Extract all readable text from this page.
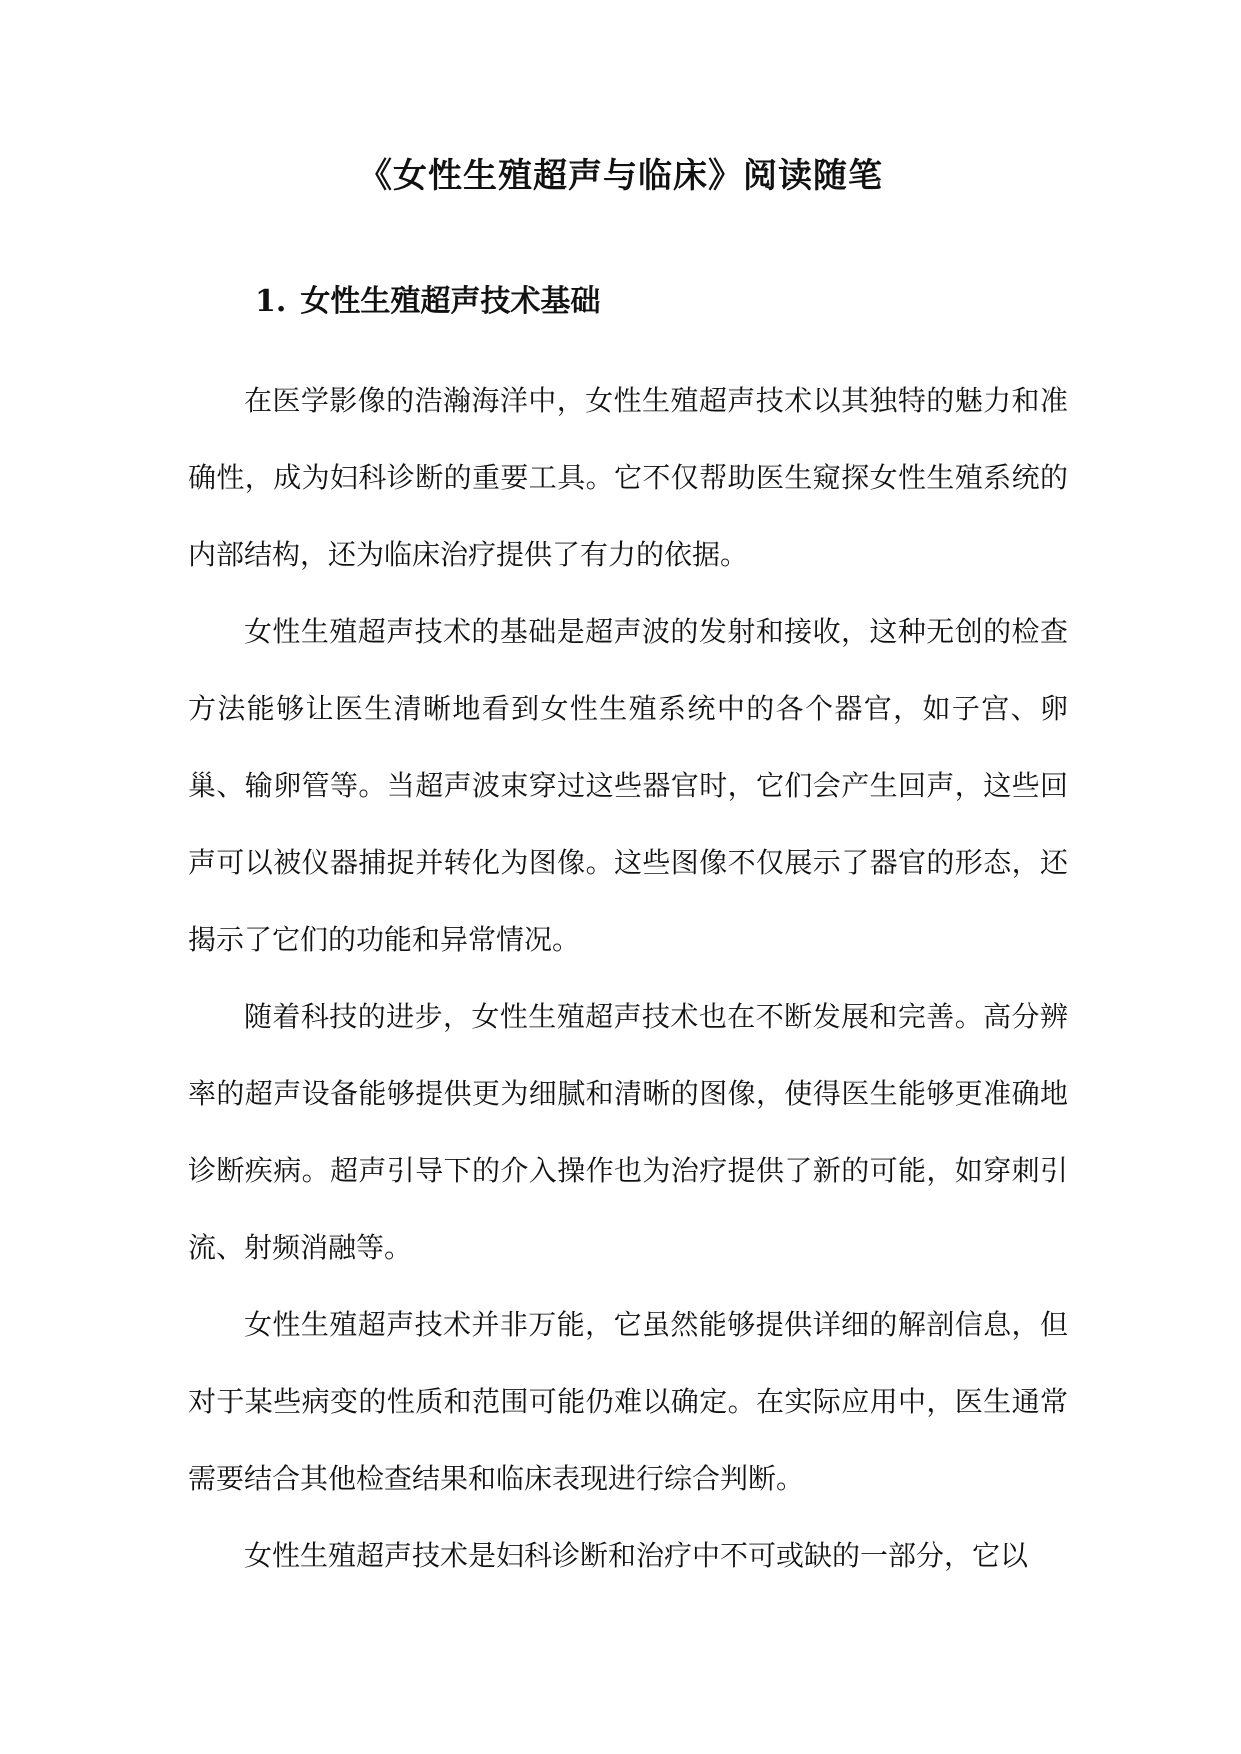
《女性生殖超声与临床》阅读随笔
1. 女性生殖超声技术基础

在医学影像的浩瀚海洋中，女性生殖超声技术以其独特的魅力和准确性，成为妇科诊断的重要工具。它不仅帮助医生窥探女性生殖系统的内部结构，还为临床治疗提供了有力的依据。

女性生殖超声技术的基础是超声波的发射和接收，这种无创的检查方法能够让医生清晰地看到女性生殖系统中的各个器官，如子宫、卵巢、输卵管等。当超声波束穿过这些器官时，它们会产生回声，这些回声可以被仪器捕捉并转化为图像。这些图像不仅展示了器官的形态，还揭示了它们的功能和异常情况。

随着科技的进步，女性生殖超声技术也在不断发展和完善。高分辨率的超声设备能够提供更为细腻和清晰的图像，使得医生能够更准确地诊断疾病。超声引导下的介入操作也为治疗提供了新的可能，如穿刺引流、射频消融等。

女性生殖超声技术并非万能，它虽然能够提供详细的解剖信息，但对于某些病变的性质和范围可能仍难以确定。在实际应用中，医生通常需要结合其他检查结果和临床表现进行综合判断。

女性生殖超声技术是妇科诊断和治疗中不可或缺的一部分，它以
